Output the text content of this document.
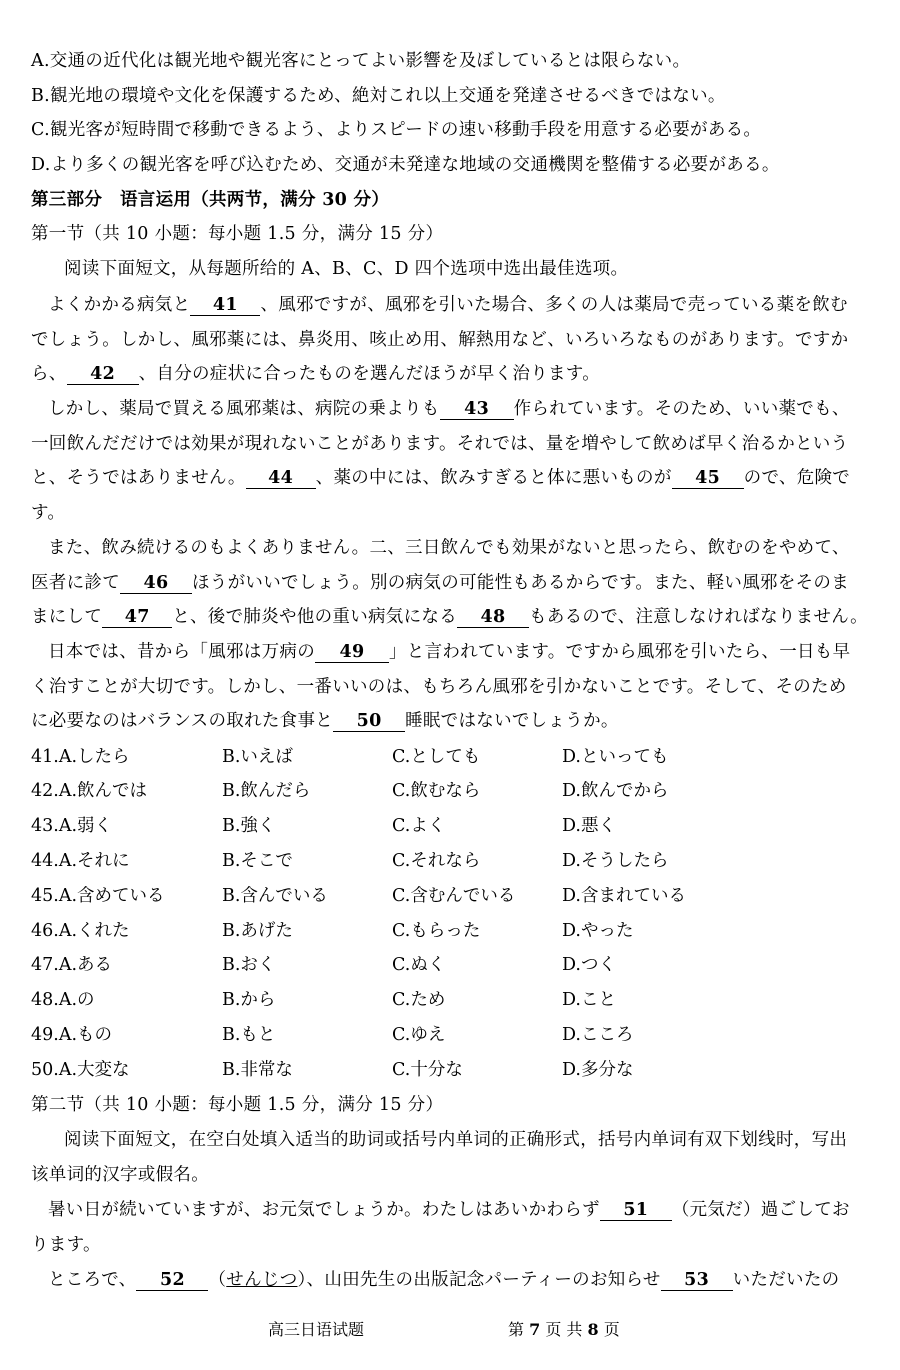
A.交通の近代化は観光地や観光客にとってよい影響を及ぼしているとは限らない。
B.観光地の環境や文化を保護するため、絶対これ以上交通を発達させるべきではない。
C.観光客が短時間で移動できるよう、よりスピードの速い移動手段を用意する必要がある。
D.より多くの観光客を呼び込むため、交通が未発達な地域の交通機関を整備する必要がある。
第三部分　语言运用（共两节，满分 30 分）
第一节（共 10 小题：每小题 1.5 分，满分 15 分）
阅读下面短文，从每题所给的 A、B、C、D 四个选项中选出最佳选项。
よくかかる病気と 41 、風邪ですが、風邪を引いた場合、多くの人は薬局で売っている薬を飲む
でしょう。しかし、風邪薬には、鼻炎用、咳止め用、解熱用など、いろいろなものがあります。ですか
ら、 42 、自分の症状に合ったものを選んだほうが早く治ります。
しかし、薬局で買える風邪薬は、病院の乗よりも 43 作られています。そのため、いい薬でも、
一回飲んだだけでは効果が現れないことがあります。それでは、量を増やして飲めば早く治るかという
と、そうではありません。 44 、薬の中には、飲みすぎると体に悪いものが 45 ので、危険で
す。
また、飲み続けるのもよくありません。二、三日飲んでも効果がないと思ったら、飲むのをやめて、
医者に診て 46 ほうがいいでしょう。別の病気の可能性もあるからです。また、軽い風邪をそのま
まにして 47 と、後で肺炎や他の重い病気になる 48 もあるので、注意しなければなりません。
日本では、昔から「風邪は万病の 49 」と言われています。ですから風邪を引いたら、一日も早
く治すことが大切です。しかし、一番いいのは、もちろん風邪を引かないことです。そして、そのため
に必要なのはバランスの取れた食事と 50 睡眠ではないでしょうか。
41.A.したら	B.いえば	C.としても	D.といっても
42.A.飲んでは	B.飲んだら	C.飲むなら	D.飲んでから
43.A.弱く	B.強く	C.よく	D.悪く
44.A.それに	B.そこで	C.それなら	D.そうしたら
45.A.含めている	B.含んでいる	C.含むんでいる	D.含まれている
46.A.くれた	B.あげた	C.もらった	D.やった
47.A.ある	B.おく	C.ぬく	D.つく
48.A.の	B.から	C.ため	D.こと
49.A.もの	B.もと	C.ゆえ	D.こころ
50.A.大変な	B.非常な	C.十分な	D.多分な
第二节（共 10 小题：每小题 1.5 分，满分 15 分）
阅读下面短文，在空白处填入适当的助词或括号内单词的正确形式，括号内单词有双下划线时，写出
该单词的汉字或假名。
暑い日が続いていますが、お元気でしょうか。わたしはあいかわらず 51 （元気だ）過ごしてお
ります。
ところで、 52 （せんじつ）、山田先生の出版記念パーティーのお知らせ 53 いただいたの
高三日语试题	第 7 页 共 8 页
